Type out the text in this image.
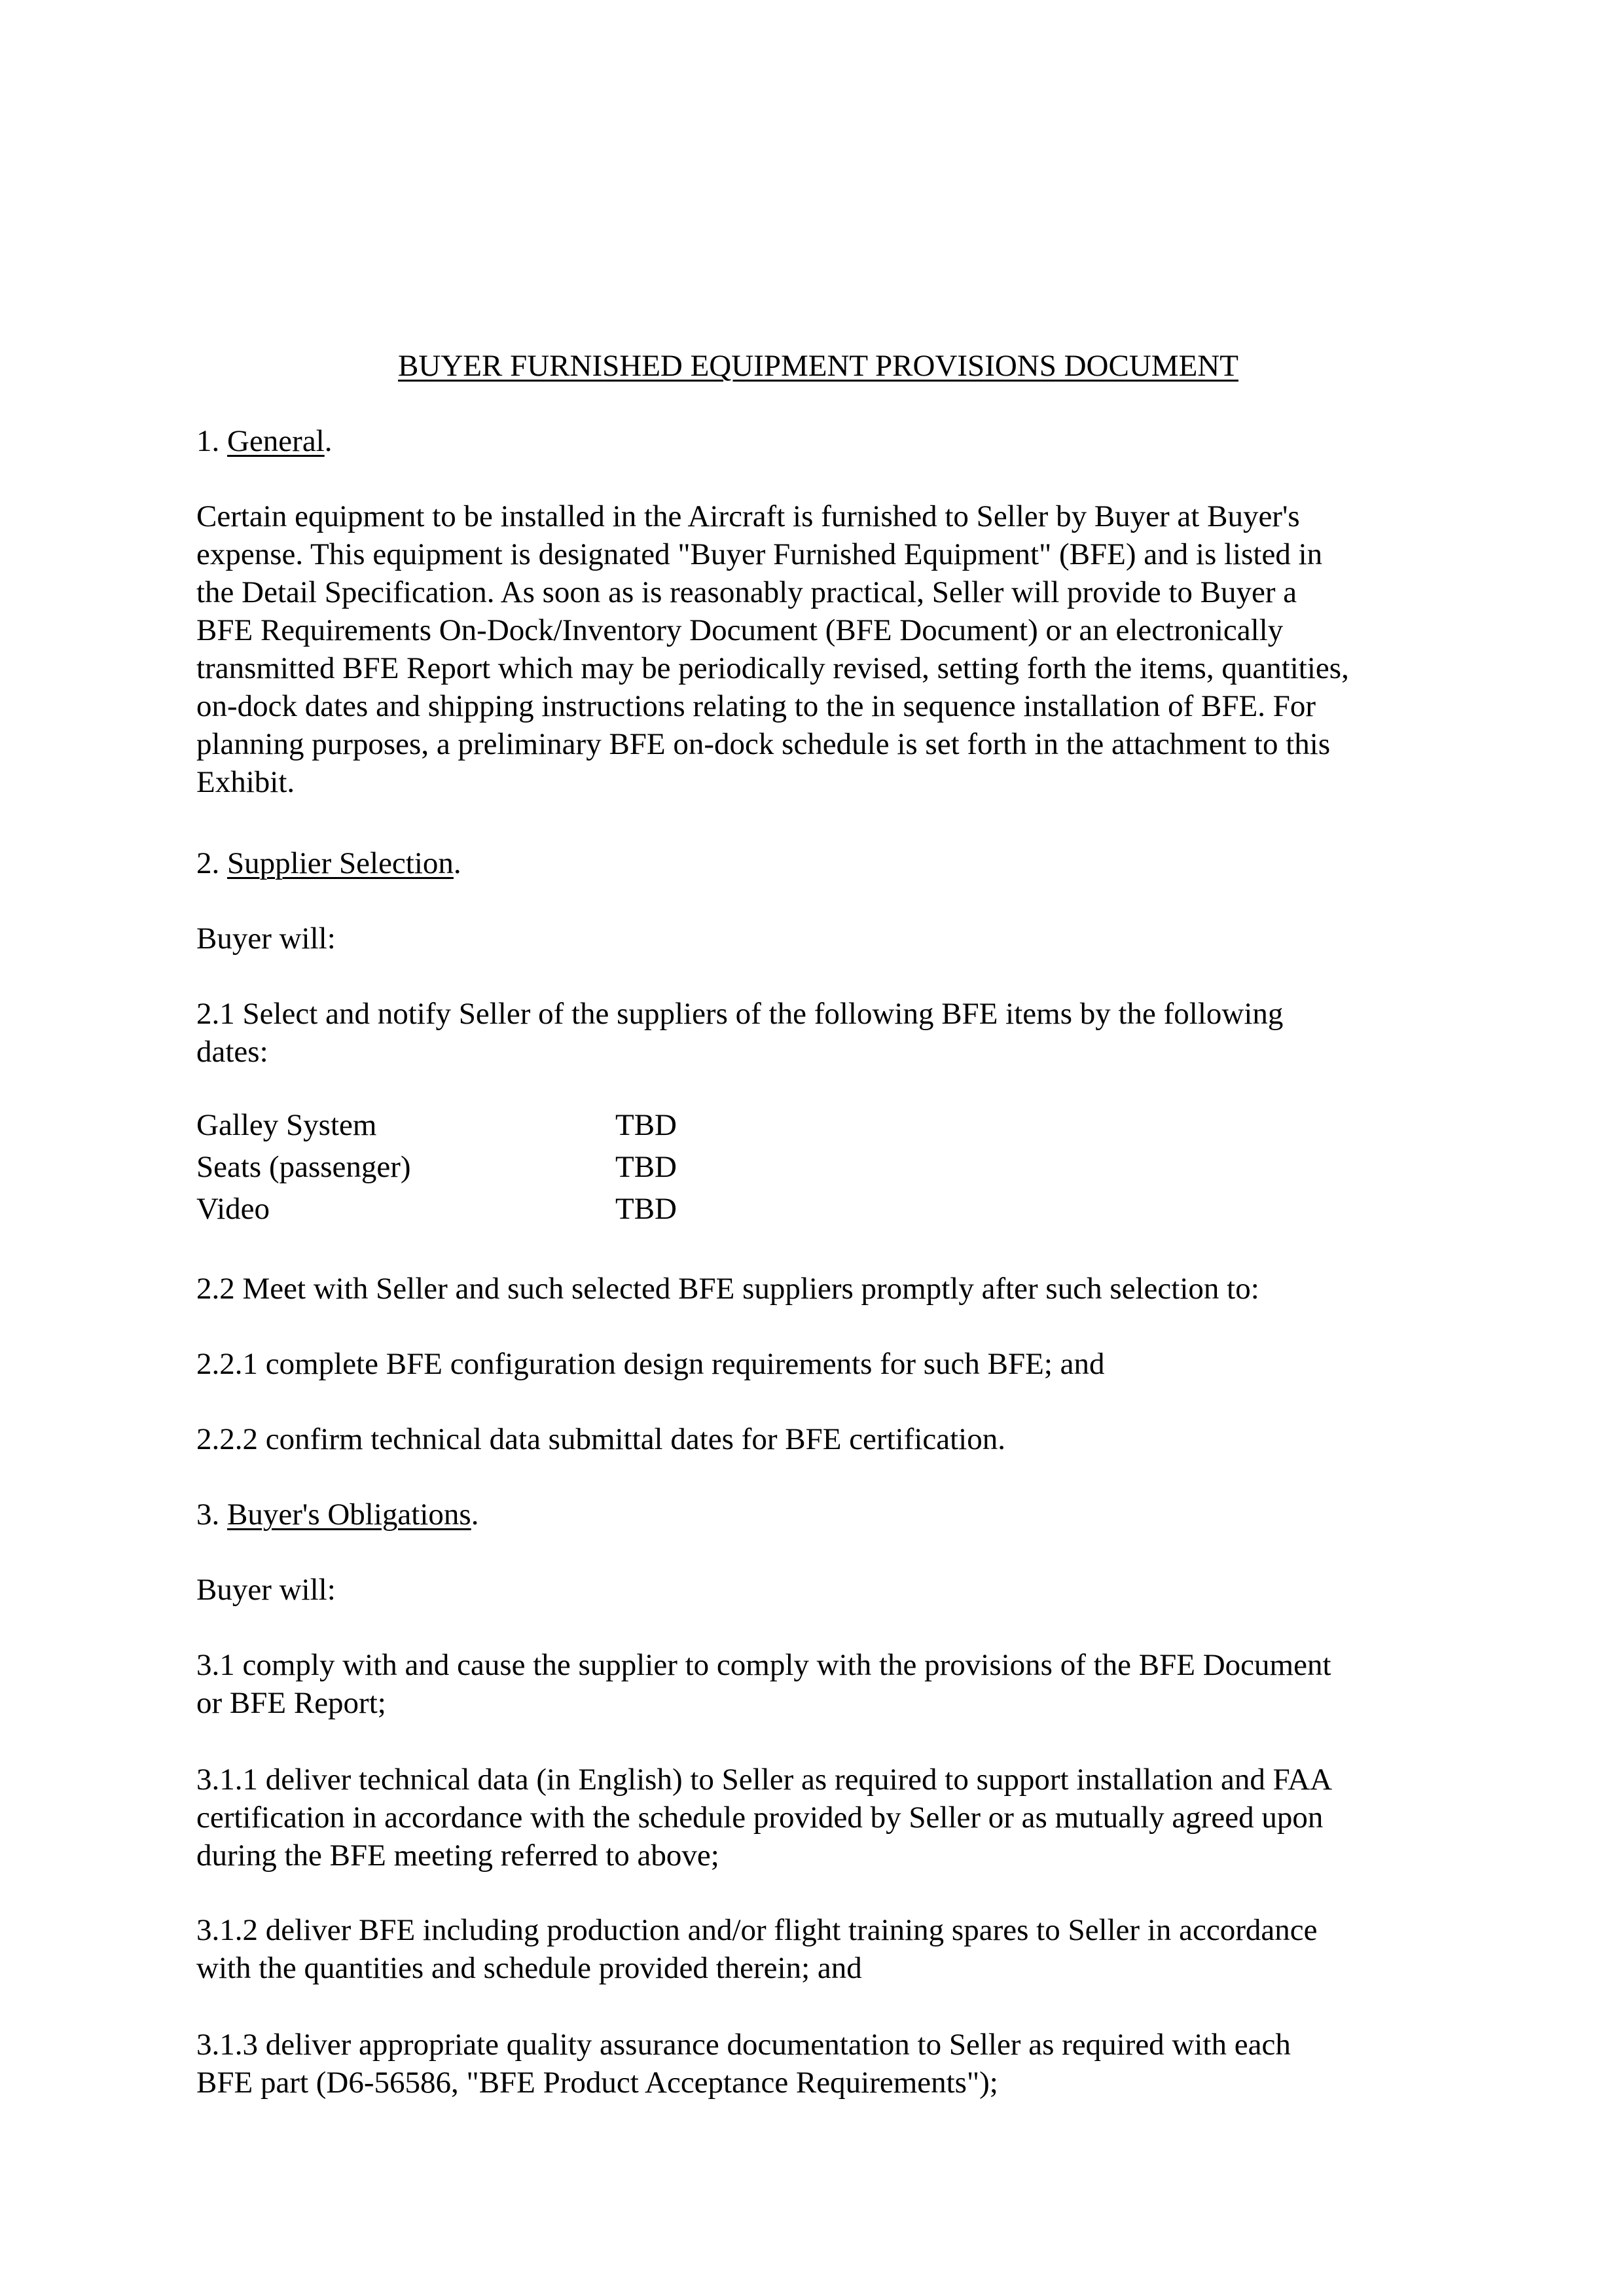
BUYER FURNISHED EQUIPMENT PROVISIONS DOCUMENT

1. General.

Certain equipment to be installed in the Aircraft is furnished to Seller by Buyer at Buyer's
expense. This equipment is designated "Buyer Furnished Equipment" (BFE) and is listed in
the Detail Specification. As soon as is reasonably practical, Seller will provide to Buyer a
BFE Requirements On-Dock/Inventory Document (BFE Document) or an electronically
transmitted BFE Report which may be periodically revised, setting forth the items, quantities,
on-dock dates and shipping instructions relating to the in sequence installation of BFE. For
planning purposes, a preliminary BFE on-dock schedule is set forth in the attachment to this
Exhibit.

2. Supplier Selection.

Buyer will:

2.1 Select and notify Seller of the suppliers of the following BFE items by the following
dates:

Galley System	TBD
Seats (passenger)	TBD
Video	TBD

2.2 Meet with Seller and such selected BFE suppliers promptly after such selection to:

2.2.1 complete BFE configuration design requirements for such BFE; and

2.2.2 confirm technical data submittal dates for BFE certification.

3. Buyer's Obligations.

Buyer will:

3.1 comply with and cause the supplier to comply with the provisions of the BFE Document
or BFE Report;

3.1.1 deliver technical data (in English) to Seller as required to support installation and FAA
certification in accordance with the schedule provided by Seller or as mutually agreed upon
during the BFE meeting referred to above;

3.1.2 deliver BFE including production and/or flight training spares to Seller in accordance
with the quantities and schedule provided therein; and

3.1.3 deliver appropriate quality assurance documentation to Seller as required with each
BFE part (D6-56586, "BFE Product Acceptance Requirements");
